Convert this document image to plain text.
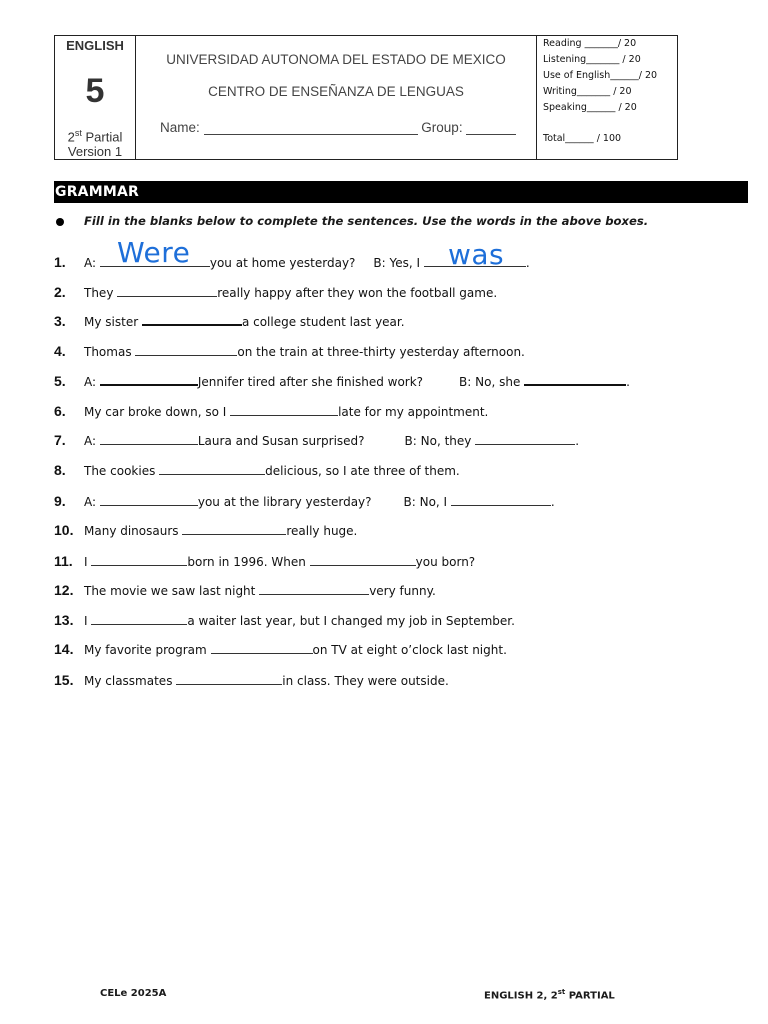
ENGLISH
5
2st Partial
Version 1
UNIVERSIDAD AUTONOMA DEL ESTADO DE MEXICO
CENTRO DE ENSEÑANZA DE LENGUAS
Name:	Group:
Reading _______/ 20
Listening_______ / 20
Use of English______/ 20
Writing_______ / 20
Speaking______ / 20
Total______ / 100
GRAMMAR
Fill in the blanks below to complete the sentences. Use the words in the above boxes.
Were	was
1. A:	you at home yesterday? B: Yes, I	.
2. They	really happy after they won the football game.
3. My sister	a college student last year.
4. Thomas	on the train at three-thirty yesterday afternoon.
5. A:	Jennifer tired after she finished work?	B: No, she	.
6. My car broke down, so I	late for my appointment.
7. A:	Laura and Susan surprised?	B: No, they	.
8. The cookies	delicious, so I ate three of them.
9. A:	you at the library yesterday?	B: No, I	.
10. Many dinosaurs	really huge.
11. I	born in 1996. When	you born?
12. The movie we saw last night	very funny.
13. I	a waiter last year, but I changed my job in September.
14. My favorite program	on TV at eight o’clock last night.
15. My classmates	in class. They were outside.
CELe 2025A	ENGLISH 2, 2st PARTIAL
